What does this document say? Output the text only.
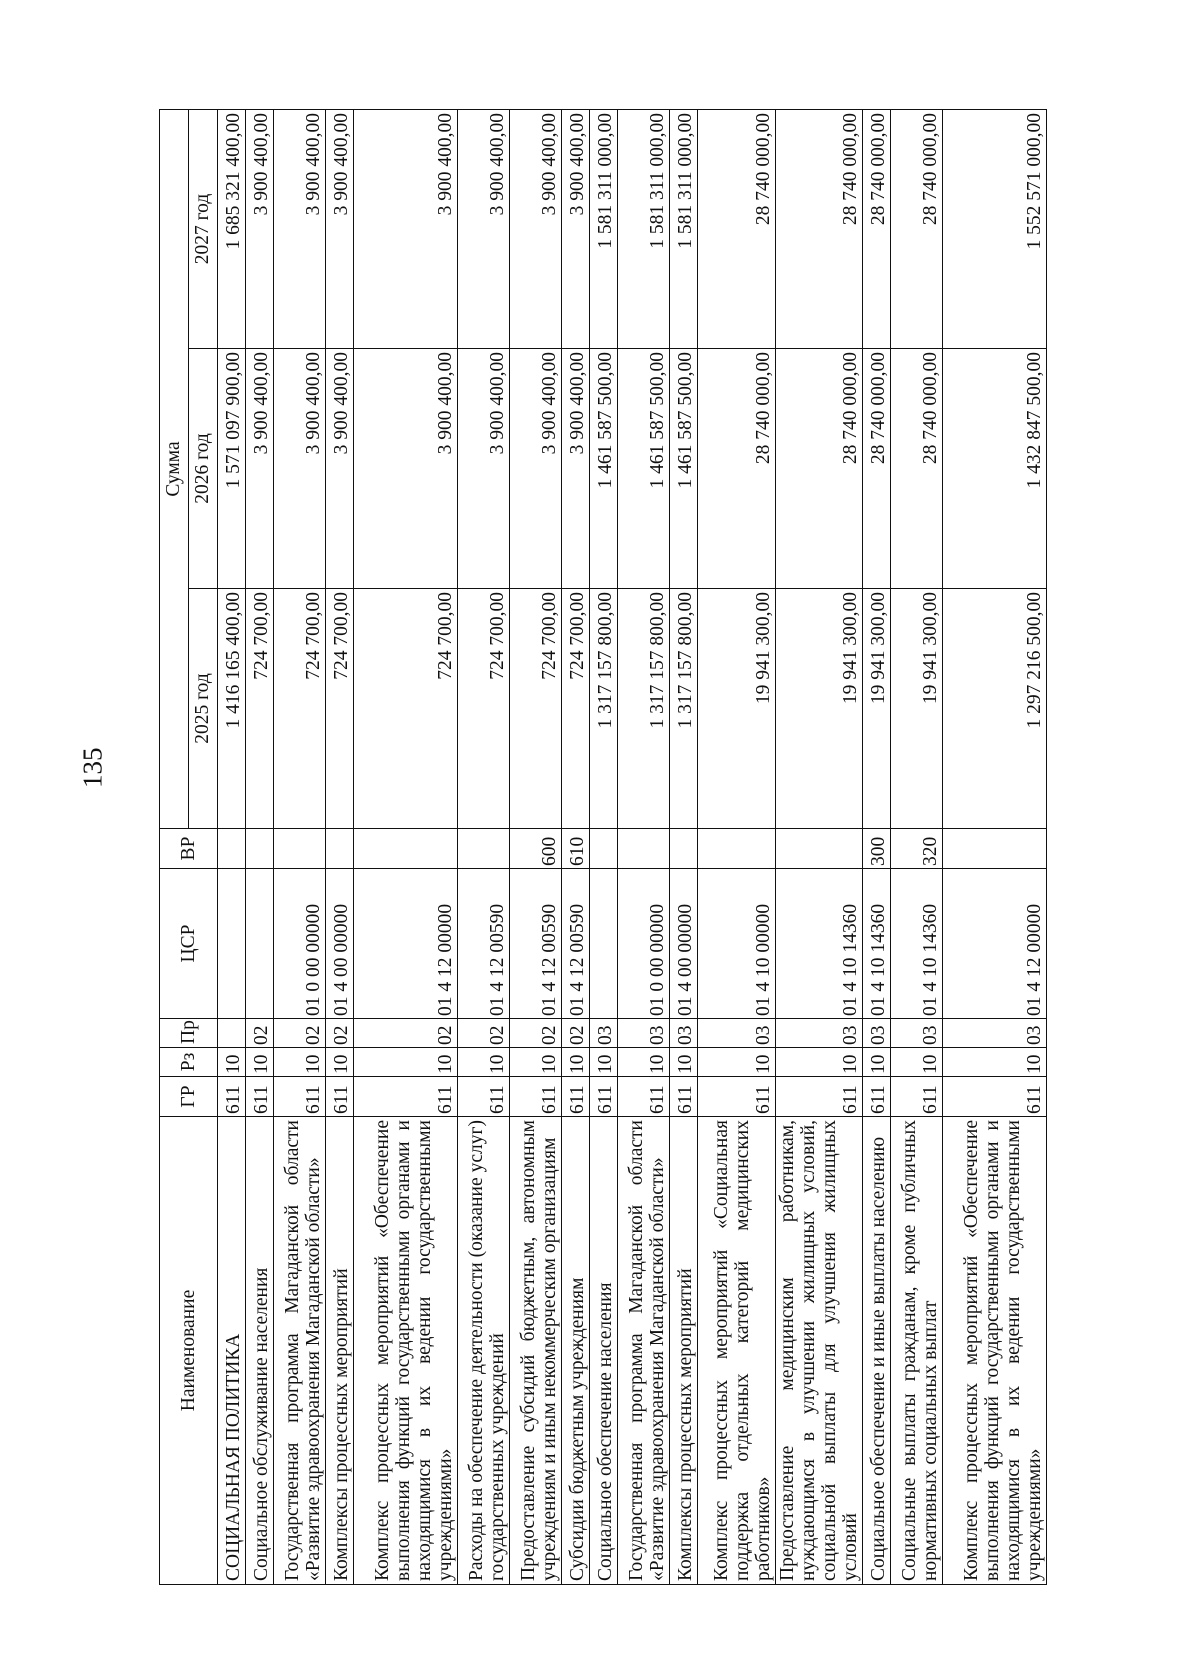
135
Наименование	ГР	Рз	Пр	ЦСР	ВР	Сумма		
						2025 год	2026 год	2027 год
СОЦИАЛЬНАЯ ПОЛИТИКА	611	10				1 416 165 400,00	1 571 097 900,00	1 685 321 400,00
Социальное обслуживание населения	611	10	02			724 700,00	3 900 400,00	3 900 400,00
Государственная программа Магаданской области «Развитие здравоохранения Магаданской области»	611	10	02	01 0 00 00000		724 700,00	3 900 400,00	3 900 400,00
Комплексы процессных мероприятий	611	10	02	01 4 00 00000		724 700,00	3 900 400,00	3 900 400,00
Комплекс процессных мероприятий «Обеспечение выполнения функций государственными органами и находящимися в их ведении государственными учреждениями»	611	10	02	01 4 12 00000		724 700,00	3 900 400,00	3 900 400,00
Расходы на обеспечение деятельности (оказание услуг) государственных учреждений	611	10	02	01 4 12 00590		724 700,00	3 900 400,00	3 900 400,00
Предоставление субсидий бюджетным, автономным учреждениям и иным некоммерческим организациям	611	10	02	01 4 12 00590	600	724 700,00	3 900 400,00	3 900 400,00
Субсидии бюджетным учреждениям	611	10	02	01 4 12 00590	610	724 700,00	3 900 400,00	3 900 400,00
Социальное обеспечение населения	611	10	03			1 317 157 800,00	1 461 587 500,00	1 581 311 000,00
Государственная программа Магаданской области «Развитие здравоохранения Магаданской области»	611	10	03	01 0 00 00000		1 317 157 800,00	1 461 587 500,00	1 581 311 000,00
Комплексы процессных мероприятий	611	10	03	01 4 00 00000		1 317 157 800,00	1 461 587 500,00	1 581 311 000,00
Комплекс процессных мероприятий «Социальная поддержка отдельных категорий медицинских работников»	611	10	03	01 4 10 00000		19 941 300,00	28 740 000,00	28 740 000,00
Предоставление медицинским работникам, нуждающимся в улучшении жилищных условий, социальной выплаты для улучшения жилищных условий	611	10	03	01 4 10 14360		19 941 300,00	28 740 000,00	28 740 000,00
Социальное обеспечение и иные выплаты населению	611	10	03	01 4 10 14360	300	19 941 300,00	28 740 000,00	28 740 000,00
Социальные выплаты гражданам, кроме публичных нормативных социальных выплат	611	10	03	01 4 10 14360	320	19 941 300,00	28 740 000,00	28 740 000,00
Комплекс процессных мероприятий «Обеспечение выполнения функций государственными органами и находящимися в их ведении государственными учреждениями»	611	10	03	01 4 12 00000		1 297 216 500,00	1 432 847 500,00	1 552 571 000,00
